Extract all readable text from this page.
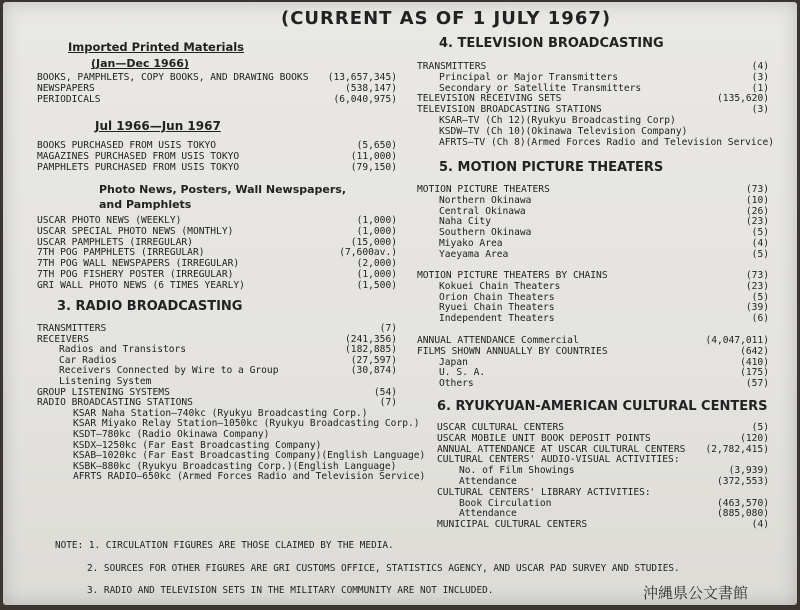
(CURRENT AS OF 1 JULY 1967)
Imported Printed Materials
(Jan—Dec 1966)
BOOKS, PAMPHLETS, COPY BOOKS, AND DRAWING BOOKS (13,657,345)
NEWSPAPERS	(538,147)
PERIODICALS	(6,040,975)
Jul 1966—Jun 1967
BOOKS PURCHASED FROM USIS TOKYO	(5,650)
MAGAZINES PURCHASED FROM USIS TOKYO	(11,000)
PAMPHLETS PURCHASED FROM USIS TOKYO	(79,150)
Photo News, Posters, Wall Newspapers,
and Pamphlets
USCAR PHOTO NEWS (WEEKLY)	(1,000)
USCAR SPECIAL PHOTO NEWS (MONTHLY)	(1,000)
USCAR PAMPHLETS (IRREGULAR)	(15,000)
7TH POG PAMPHLETS (IRREGULAR)	(7,600av.)
7TH POG WALL NEWSPAPERS (IRREGULAR)	(2,000)
7TH POG FISHERY POSTER (IRREGULAR)	(1,000)
GRI WALL PHOTO NEWS (6 TIMES YEARLY)	(1,500)
3. RADIO BROADCASTING
TRANSMITTERS	(7)
RECEIVERS	(241,356)
Radios and Transistors	(182,885)
Car Radios	(27,597)
Receivers Connected by Wire to a Group	(30,874)
Listening System
GROUP LISTENING SYSTEMS	(54)
RADIO BROADCASTING STATIONS	(7)
KSAR Naha Station—740kc (Ryukyu Broadcasting Corp.)
KSAR Miyako Relay Station—1050kc (Ryukyu Broadcasting Corp.)
KSDT—780kc (Radio Okinawa Company)
KSDX—1250kc (Far East Broadcasting Company)
KSAB—1020kc (Far East Broadcasting Company)(English Language)
KSBK—880kc (Ryukyu Broadcasting Corp.)(English Language)
AFRTS RADIO—650kc (Armed Forces Radio and Television Service)
4. TELEVISION BROADCASTING
TRANSMITTERS	(4)
Principal or Major Transmitters	(3)
Secondary or Satellite Transmitters	(1)
TELEVISION RECEIVING SETS	(135,620)
TELEVISION BROADCASTING STATIONS	(3)
KSAR—TV (Ch 12)(Ryukyu Broadcasting Corp)
KSDW—TV (Ch 10)(Okinawa Television Company)
AFRTS—TV (Ch 8)(Armed Forces Radio and Television Service)
5. MOTION PICTURE THEATERS
MOTION PICTURE THEATERS	(73)
Northern Okinawa	(10)
Central Okinawa	(26)
Naha City	(23)
Southern Okinawa	(5)
Miyako Area	(4)
Yaeyama Area	(5)
MOTION PICTURE THEATERS BY CHAINS	(73)
Kokuei Chain Theaters	(23)
Orion Chain Theaters	(5)
Ryuei Chain Theaters	(39)
Independent Theaters	(6)
ANNUAL ATTENDANCE Commercial	(4,047,011)
FILMS SHOWN ANNUALLY BY COUNTRIES	(642)
Japan	(410)
U. S. A.	(175)
Others	(57)
6. RYUKYUAN-AMERICAN CULTURAL CENTERS
USCAR CULTURAL CENTERS	(5)
USCAR MOBILE UNIT BOOK DEPOSIT POINTS	(120)
ANNUAL ATTENDANCE AT USCAR CULTURAL CENTERS (2,782,415)
CULTURAL CENTERS' AUDIO-VISUAL ACTIVITIES:
No. of Film Showings	(3,939)
Attendance	(372,553)
CULTURAL CENTERS' LIBRARY ACTIVITIES:
Book Circulation	(463,570)
Attendance	(885,080)
MUNICIPAL CULTURAL CENTERS	(4)
NOTE: 1. CIRCULATION FIGURES ARE THOSE CLAIMED BY THE MEDIA.
2. SOURCES FOR OTHER FIGURES ARE GRI CUSTOMS OFFICE, STATISTICS AGENCY, AND USCAR PAD SURVEY AND STUDIES.
3. RADIO AND TELEVISION SETS IN THE MILITARY COMMUNITY ARE NOT INCLUDED.	沖縄県公文書館
